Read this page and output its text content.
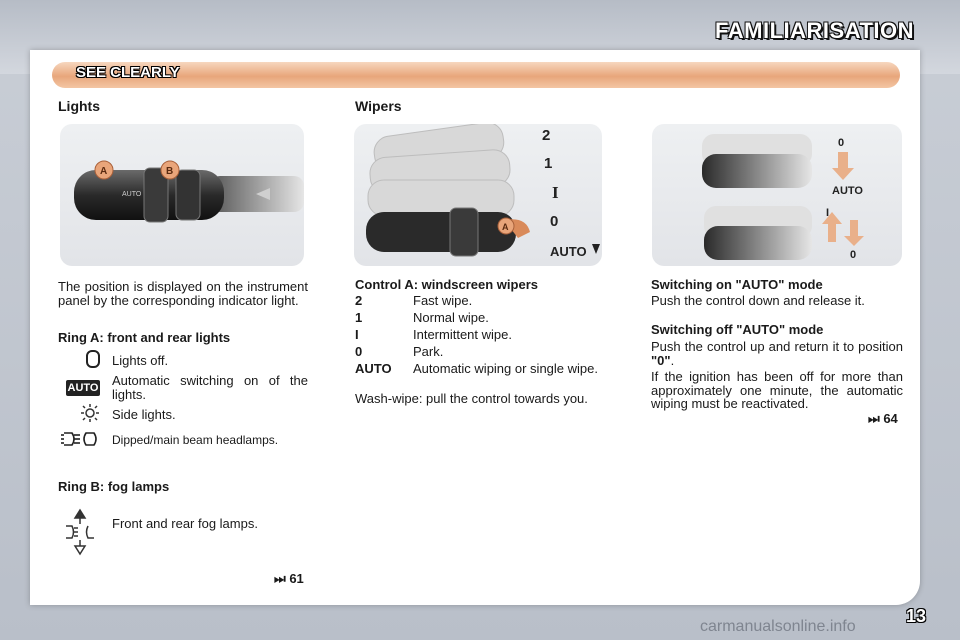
FAMILIARISATION
SEE CLEARLY
Lights
A	B
AUTO
The position is displayed on the instrument panel by the corresponding indicator light.
Ring A: front and rear lights
Lights off.
AUTO Automatic switching on of the lights.
Side lights.
Dipped/main beam headlamps.
Ring B: fog lamps
Front and rear fog lamps.
⏭ 61
Wipers
A
2
1
I
0
AUTO
Control A: windscreen wipers
2	Fast wipe.
1	Normal wipe.
I	Intermittent wipe.
0	Park.
AUTO Automatic wiping or single wipe.
Wash-wipe: pull the control towards you.
0
AUTO
I
0
Switching on "AUTO" mode
Push the control down and release it.
Switching off "AUTO" mode
Push the control up and return it to position "0".
If the ignition has been off for more than approximately one minute, the automatic wiping must be reactivated.
⏭ 64
13
carmanualsonline.info
